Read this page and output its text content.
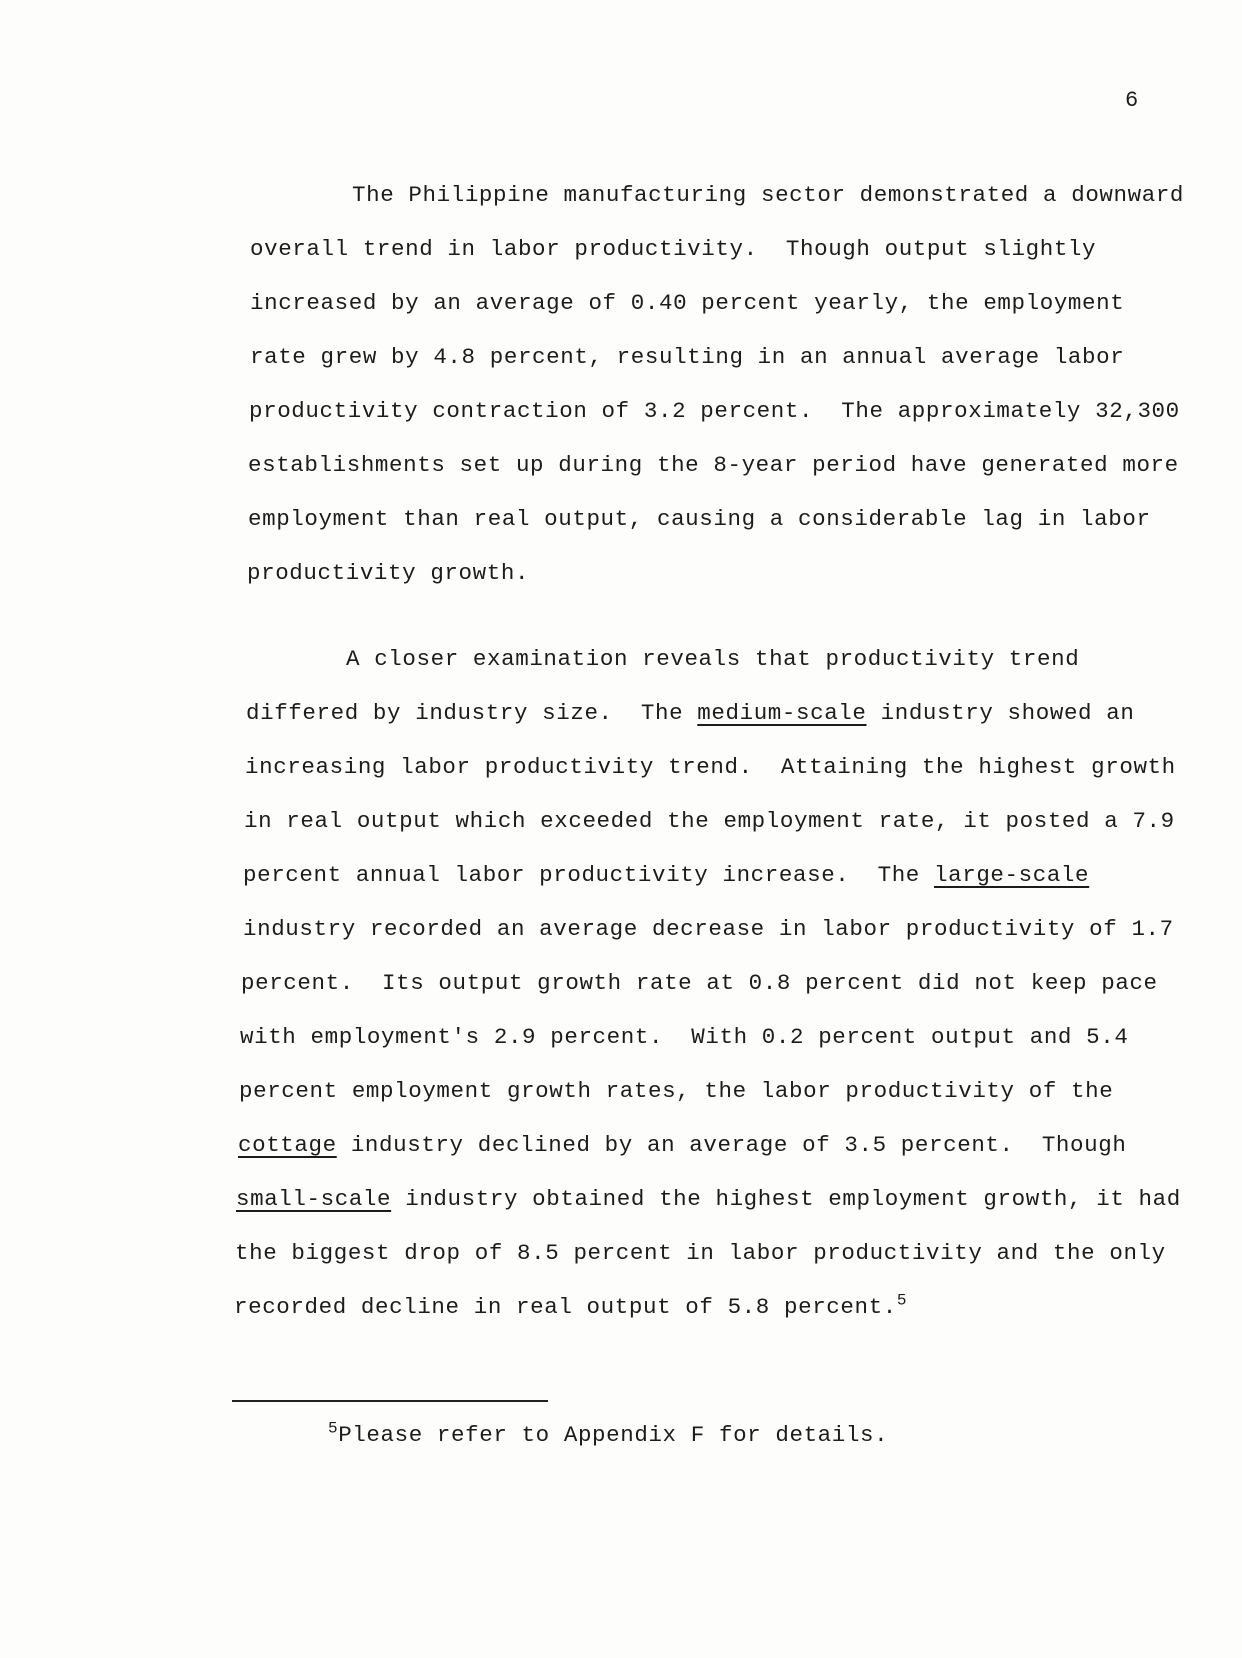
6
The Philippine manufacturing sector demonstrated a downward
overall trend in labor productivity.  Though output slightly
increased by an average of 0.40 percent yearly, the employment
rate grew by 4.8 percent, resulting in an annual average labor
productivity contraction of 3.2 percent.  The approximately 32,300
establishments set up during the 8-year period have generated more
employment than real output, causing a considerable lag in labor
productivity growth.
A closer examination reveals that productivity trend
differed by industry size.  The medium-scale industry showed an
increasing labor productivity trend.  Attaining the highest growth
in real output which exceeded the employment rate, it posted a 7.9
percent annual labor productivity increase.  The large-scale
industry recorded an average decrease in labor productivity of 1.7
percent.  Its output growth rate at 0.8 percent did not keep pace
with employment's 2.9 percent.  With 0.2 percent output and 5.4
percent employment growth rates, the labor productivity of the
cottage industry declined by an average of 3.5 percent.  Though
small-scale industry obtained the highest employment growth, it had
the biggest drop of 8.5 percent in labor productivity and the only
recorded decline in real output of 5.8 percent.$^5$
$^5$Please refer to Appendix F for details.
